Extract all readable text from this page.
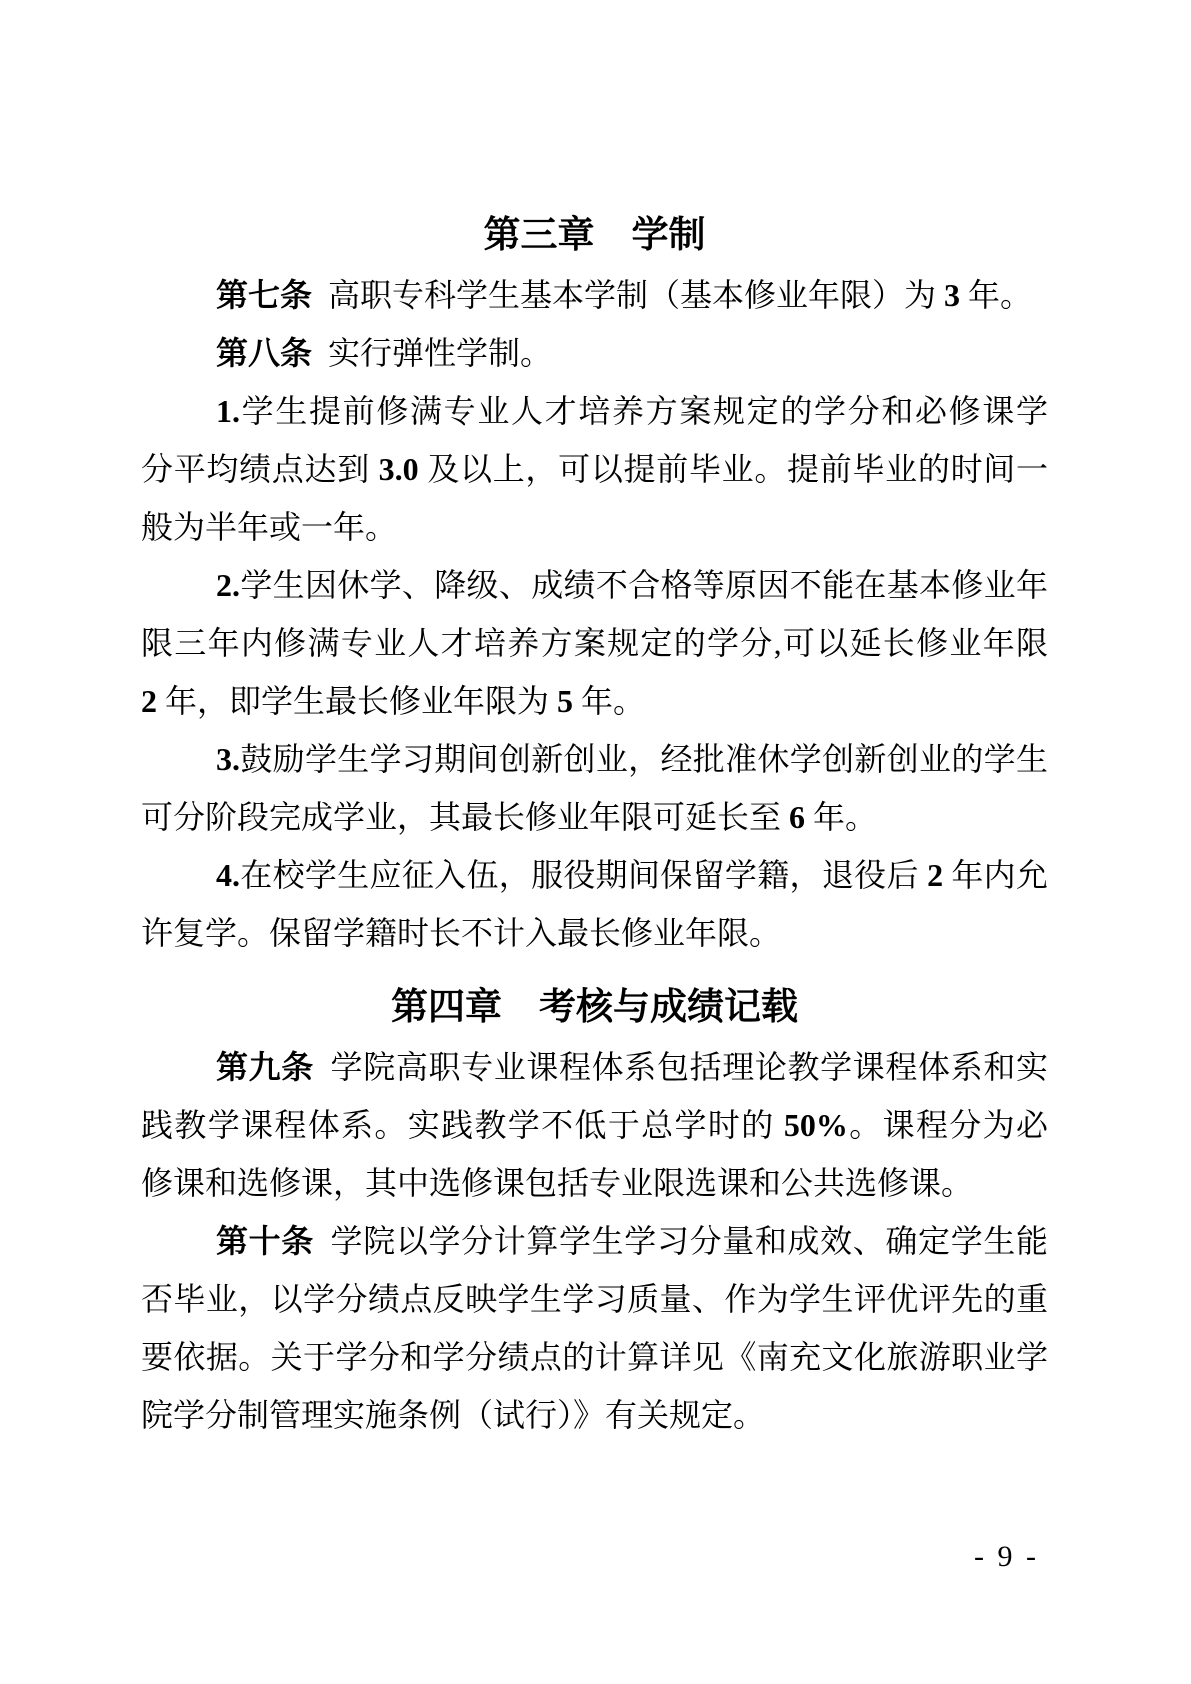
第三章　学制
第七条 高职专科学生基本学制（基本修业年限）为 3 年。
第八条 实行弹性学制。
1.学生提前修满专业人才培养方案规定的学分和必修课学
分平均绩点达到 3.0 及以上，可以提前毕业。提前毕业的时间一
般为半年或一年。
2.学生因休学、降级、成绩不合格等原因不能在基本修业年
限三年内修满专业人才培养方案规定的学分,可以延长修业年限
2 年，即学生最长修业年限为 5 年。
3.鼓励学生学习期间创新创业，经批准休学创新创业的学生
可分阶段完成学业，其最长修业年限可延长至 6 年。
4.在校学生应征入伍，服役期间保留学籍，退役后 2 年内允
许复学。保留学籍时长不计入最长修业年限。
第四章　考核与成绩记载
第九条 学院高职专业课程体系包括理论教学课程体系和实
践教学课程体系。实践教学不低于总学时的 50%。课程分为必
修课和选修课，其中选修课包括专业限选课和公共选修课。
第十条 学院以学分计算学生学习分量和成效、确定学生能
否毕业，以学分绩点反映学生学习质量、作为学生评优评先的重
要依据。关于学分和学分绩点的计算详见《南充文化旅游职业学
院学分制管理实施条例（试行）》有关规定。
- 9 -
